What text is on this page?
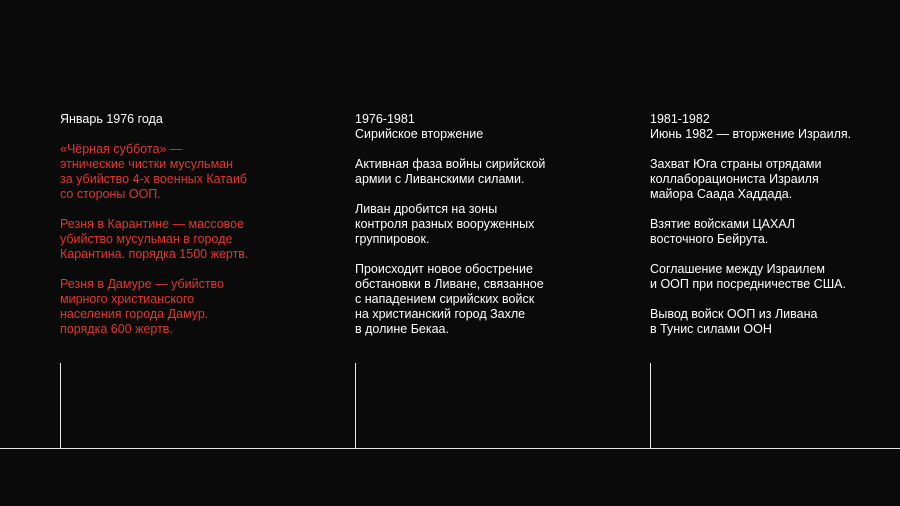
Январь 1976 года

«Чёрная суббота» —
этнические чистки мусульман
за убийство 4-х военных Катаиб
со стороны ООП.

Резня в Карантине — массовое
убийство мусульман в городе
Карантина. порядка 1500 жертв.

Резня в Дамуре — убийство
мирного христианского
населения города Дамур.
порядка 600 жертв.

1976-1981
Сирийское вторжение

Активная фаза войны сирийской
армии с Ливанскими силами.

Ливан дробится на зоны
контроля разных вооруженных
группировок.

Происходит новое обострение
обстановки в Ливане, связанное
с нападением сирийских войск
на христианский город Захле
в долине Бекаа.

1981-1982
Июнь 1982 — вторжение Израиля.

Захват Юга страны отрядами
коллаборациониста Израиля
майора Саада Хаддада.

Взятие войсками ЦАХАЛ
восточного Бейрута.

Соглашение между Израилем
и ООП при посредничестве США.

Вывод войск ООП из Ливана
в Тунис силами ООН
